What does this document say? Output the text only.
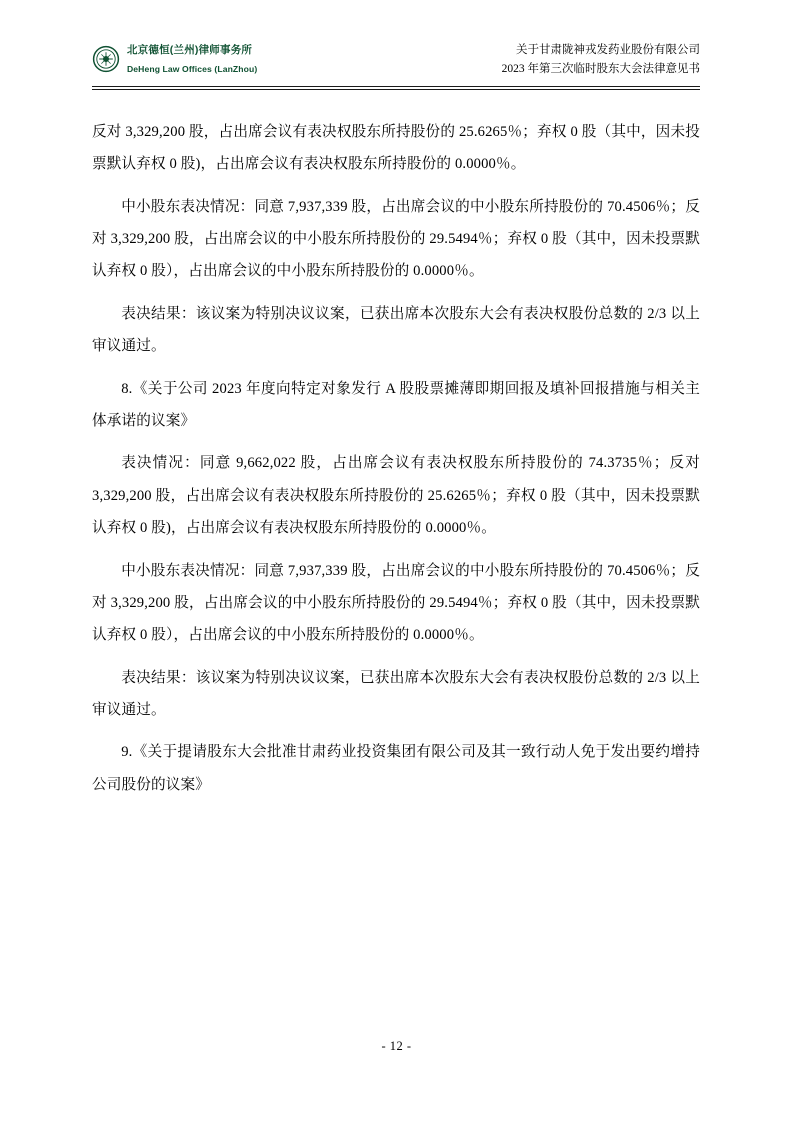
北京德恒(兰州)律师事务所
DeHeng Law Offices (LanZhou)
关于甘肃陇神戎发药业股份有限公司
2023 年第三次临时股东大会法律意见书

反对 3,329,200 股，占出席会议有表决权股东所持股份的 25.6265％；弃权 0 股（其中，因未投票默认弃权 0 股)，占出席会议有表决权股东所持股份的 0.0000％。

中小股东表决情况：同意 7,937,339 股，占出席会议的中小股东所持股份的 70.4506％；反对 3,329,200 股，占出席会议的中小股东所持股份的 29.5494％；弃权 0 股（其中，因未投票默认弃权 0 股），占出席会议的中小股东所持股份的 0.0000％。

表决结果：该议案为特别决议议案，已获出席本次股东大会有表决权股份总数的 2/3 以上审议通过。

8.《关于公司 2023 年度向特定对象发行 A 股股票摊薄即期回报及填补回报措施与相关主体承诺的议案》

表决情况：同意 9,662,022 股，占出席会议有表决权股东所持股份的 74.3735％；反对 3,329,200 股，占出席会议有表决权股东所持股份的 25.6265％；弃权 0 股（其中，因未投票默认弃权 0 股)，占出席会议有表决权股东所持股份的 0.0000％。

中小股东表决情况：同意 7,937,339 股，占出席会议的中小股东所持股份的 70.4506％；反对 3,329,200 股，占出席会议的中小股东所持股份的 29.5494％；弃权 0 股（其中，因未投票默认弃权 0 股），占出席会议的中小股东所持股份的 0.0000％。

表决结果：该议案为特别决议议案，已获出席本次股东大会有表决权股份总数的 2/3 以上审议通过。

9.《关于提请股东大会批准甘肃药业投资集团有限公司及其一致行动人免于发出要约增持公司股份的议案》

- 12 -
